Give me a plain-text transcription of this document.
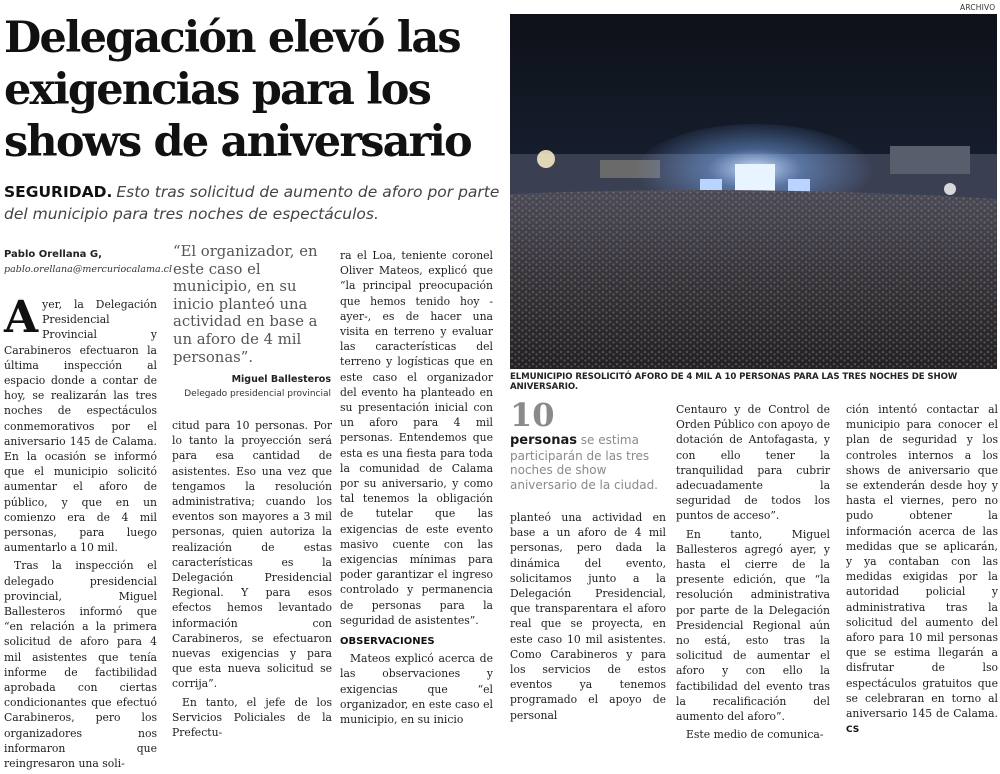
Delegación elevó las exigencias para los shows de aniversario

SEGURIDAD. Esto tras solicitud de aumento de aforo por parte del municipio para tres noches de espectáculos.

ARCHIVO

ELMUNICIPIO RESOLICITÓ AFORO DE 4 MIL A 10 PERSONAS PARA LAS TRES NOCHES DE SHOW ANIVERSARIO.

Pablo Orellana G,
pablo.orellana@mercuriocalama.cl

Ayer, la Delegación Presidencial Provincial y Carabineros efectuaron la última inspección al espacio donde a contar de hoy, se realizarán las tres noches de espectáculos conmemorativos por el aniversario 145 de Calama. En la ocasión se informó que el municipio solicitó aumentar el aforo de público, y que en un comienzo era de 4 mil personas, para luego aumentarlo a 10 mil.

Tras la inspección el delegado presidencial provincial, Miguel Ballesteros informó que “en relación a la primera solicitud de aforo para 4 mil asistentes que tenía informe de factibilidad aprobada con ciertas condicionantes que efectuó Carabineros, pero los organizadores nos informaron que reingresaron una soli-

“El organizador, en este caso el municipio, en su inicio planteó una actividad en base a un aforo de 4 mil personas”.

Miguel Ballesteros
Delegado presidencial provincial

citud para 10 personas. Por lo tanto la proyección será para esa cantidad de asistentes. Eso una vez que tengamos la resolución administrativa; cuando los eventos son mayores a 3 mil personas, quien autoriza la realización de estas características es la Delegación Presidencial Regional. Y para esos efectos hemos levantado información con Carabineros, se efectuaron nuevas exigencias y para que esta nueva solicitud se corrija”.

En tanto, el jefe de los Servicios Policiales de la Prefectu-

ra el Loa, teniente coronel Oliver Mateos, explicó que “la principal preocupación que hemos tenido hoy -ayer-, es de hacer una visita en terreno y evaluar las características del terreno y logísticas que en este caso el organizador del evento ha planteado en su presentación inicial con un aforo para 4 mil personas. Entendemos que esta es una fiesta para toda la comunidad de Calama por su aniversario, y como tal tenemos la obligación de tutelar que las exigencias de este evento masivo cuente con las exigencias mínimas para poder garantizar el ingreso controlado y permanencia de personas para la seguridad de asistentes”.

OBSERVACIONES

Mateos explicó acerca de las observaciones y exigencias que “el organizador, en este caso el municipio, en su inicio

10

personas se estima participarán de las tres noches de show aniversario de la ciudad.

planteó una actividad en base a un aforo de 4 mil personas, pero dada la dinámica del evento, solicitamos junto a la Delegación Presidencial, que transparentara el aforo real que se proyecta, en este caso 10 mil asistentes. Como Carabineros y para los servicios de estos eventos ya tenemos programado el apoyo de personal

Centauro y de Control de Orden Público con apoyo de dotación de Antofagasta, y con ello tener la tranquilidad para cubrir adecuadamente la seguridad de todos los puntos de acceso”.

En tanto, Miguel Ballesteros agregó ayer, y hasta el cierre de la presente edición, que “la resolución administrativa por parte de la Delegación Presidencial Regional aún no está, esto tras la solicitud de aumentar el aforo y con ello la factibilidad del evento tras la recalificación del aumento del aforo”.

Este medio de comunica-

ción intentó contactar al municipio para conocer el plan de seguridad y los controles internos a los shows de aniversario que se extenderán desde hoy y hasta el viernes, pero no pudo obtener la información acerca de las medidas que se aplicarán, y ya contaban con las medidas exigidas por la autoridad policial y administrativa tras la solicitud del aumento del aforo para 10 mil personas que se estima llegarán a disfrutar de lso espectáculos gratuitos que se celebraran en torno al aniversario 145 de Calama. CS
